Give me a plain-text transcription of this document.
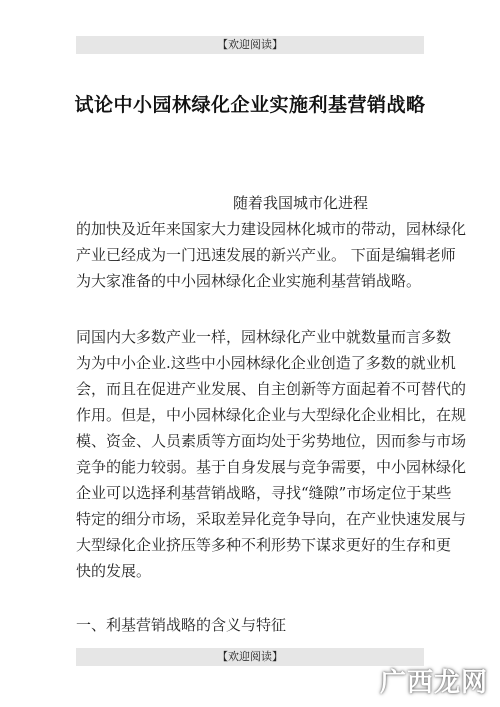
【欢迎阅读】
试论中小园林绿化企业实施利基营销战略
随着我国城市化进程
的加快及近年来国家大力建设园林化城市的带动，园林绿化
产业已经成为一门迅速发展的新兴产业。 下面是编辑老师
为大家准备的中小园林绿化企业实施利基营销战略。
同国内大多数产业一样，园林绿化产业中就数量而言多数
为为中小企业.这些中小园林绿化企业创造了多数的就业机
会，而且在促进产业发展、自主创新等方面起着不可替代的
作用。但是，中小园林绿化企业与大型绿化企业相比，在规
模、资金、人员素质等方面均处于劣势地位，因而参与市场
竞争的能力较弱。基于自身发展与竞争需要，中小园林绿化
企业可以选择利基营销战略，寻找“缝隙”市场定位于某些
特定的细分市场，采取差异化竞争导向，在产业快速发展与
大型绿化企业挤压等多种不利形势下谋求更好的生存和更
快的发展。
一、利基营销战略的含义与特征
【欢迎阅读】
广西龙网
